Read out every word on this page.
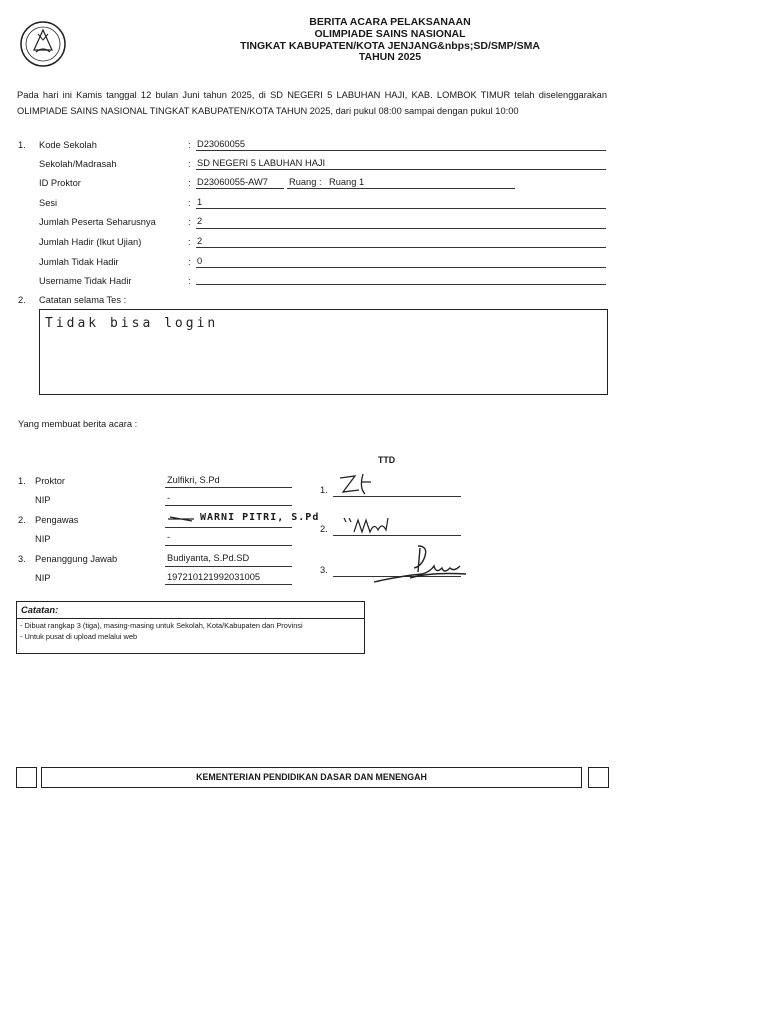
BERITA ACARA PELAKSANAAN
OLIMPIADE SAINS NASIONAL
TINGKAT KABUPATEN/KOTA JENJANG&nbps;SD/SMP/SMA
TAHUN 2025
Pada hari ini Kamis tanggal 12 bulan Juni tahun 2025, di SD NEGERI 5 LABUHAN HAJI, KAB. LOMBOK TIMUR telah diselenggarakan OLIMPIADE SAINS NASIONAL TINGKAT KABUPATEN/KOTA TAHUN 2025, dari pukul 08:00 sampai dengan pukul 10:00
1. Kode Sekolah	: D23060055
Sekolah/Madrasah	: SD NEGERI 5 LABUHAN HAJI
ID Proktor	: D23060055-AW7 Ruang : Ruang 1
Sesi	: 1
Jumlah Peserta Seharusnya	: 2
Jumlah Hadir (Ikut Ujian)	: 2
Jumlah Tidak Hadir	: 0
Username Tidak Hadir	:
2. Catatan selama Tes :
Tidak bisa login
Yang membuat berita acara :
TTD
1. Proktor	Zulfikri, S.Pd
NIP	-
1.
2. Pengawas	WARNI PITRI, S.Pd
NIP	-
2.
3. Penanggung Jawab	Budiyanta, S.Pd.SD
NIP	197210121992031005
3.
Catatan:
- Dibuat rangkap 3 (tiga), masing-masing untuk Sekolah, Kota/Kabupaten dan Provinsi
- Untuk pusat di upload melalui web
KEMENTERIAN PENDIDIKAN DASAR DAN MENENGAH
